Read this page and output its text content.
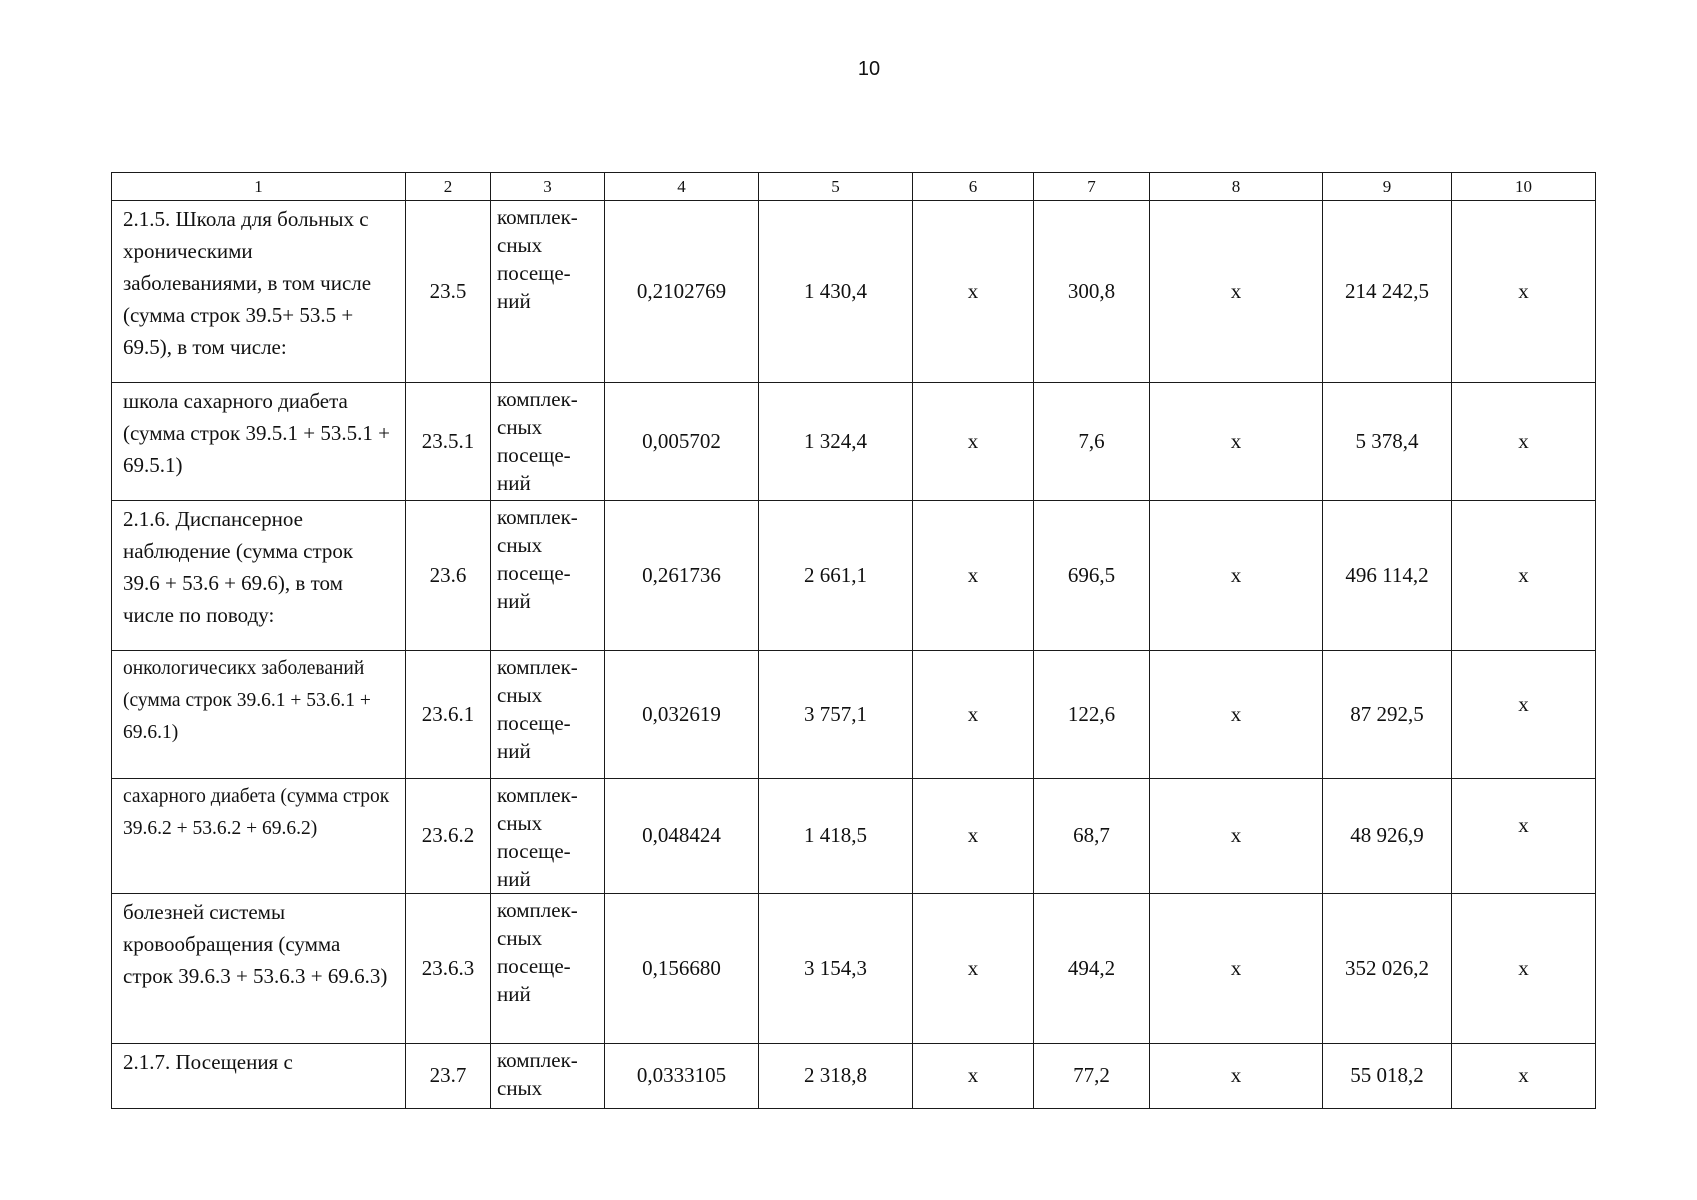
10
1	2	3	4	5	6	7	8	9	10
2.1.5. Школа для больных с хроническими заболеваниями, в том числе (сумма строк 39.5+ 53.5 + 69.5), в том числе:	23.5	комплек-сных посеще-ний	0,2102769	1 430,4	х	300,8	х	214 242,5	х
школа сахарного диабета (сумма строк 39.5.1 + 53.5.1 + 69.5.1)	23.5.1	комплек-сных посеще-ний	0,005702	1 324,4	х	7,6	х	5 378,4	х
2.1.6. Диспансерное наблюдение (сумма строк 39.6 + 53.6 + 69.6), в том числе по поводу:	23.6	комплек-сных посеще-ний	0,261736	2 661,1	х	696,5	х	496 114,2	х
онкологичесикх заболеваний (сумма строк 39.6.1 + 53.6.1 + 69.6.1)	23.6.1	комплек-сных посеще-ний	0,032619	3 757,1	х	122,6	х	87 292,5	х
сахарного диабета (сумма строк 39.6.2 + 53.6.2 + 69.6.2)	23.6.2	комплек-сных посеще-ний	0,048424	1 418,5	х	68,7	х	48 926,9	х
болезней системы кровообращения (сумма строк 39.6.3 + 53.6.3 + 69.6.3)	23.6.3	комплек-сных посеще-ний	0,156680	3 154,3	х	494,2	х	352 026,2	х
2.1.7. Посещения с	23.7	комплек-сных	0,0333105	2 318,8	х	77,2	х	55 018,2	х
